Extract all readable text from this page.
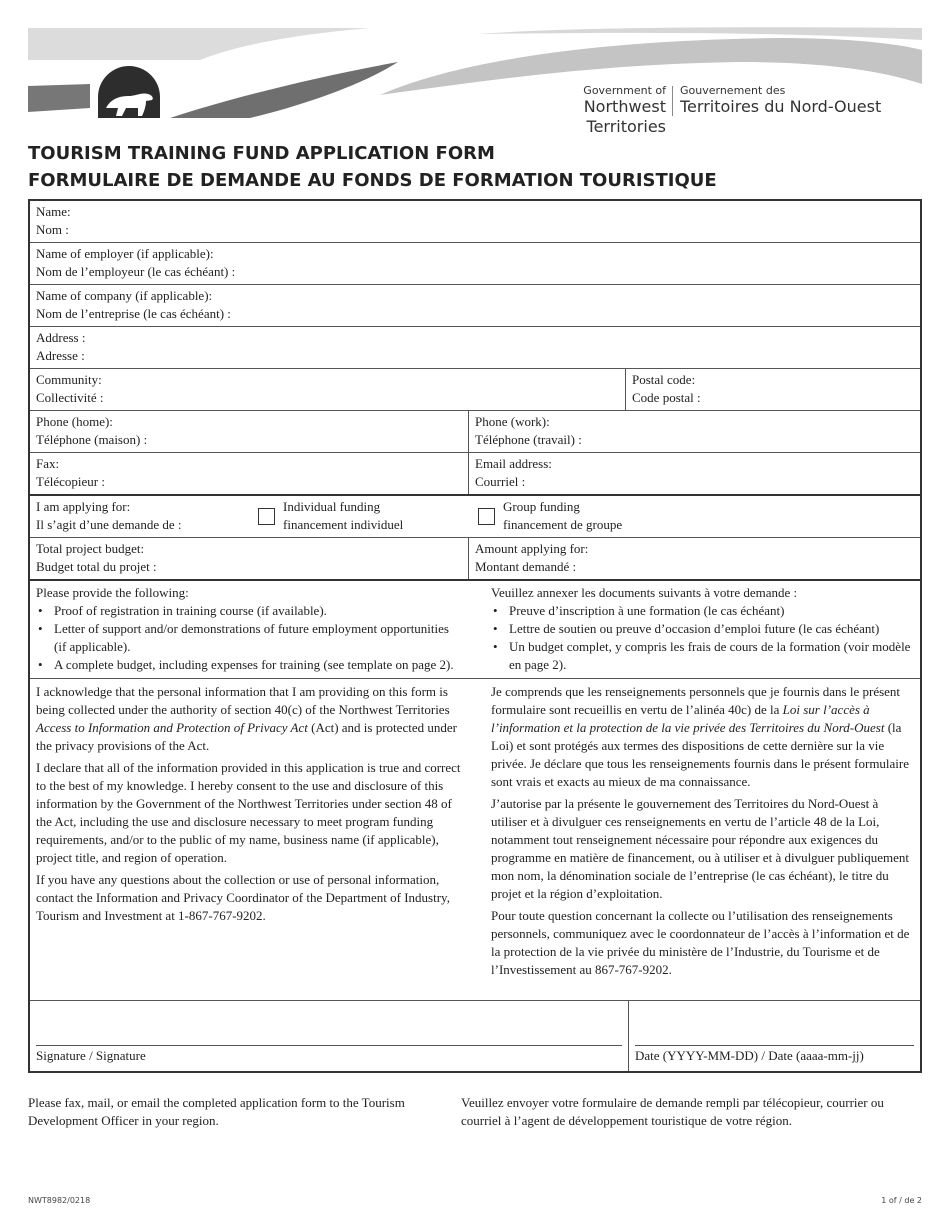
Government of
Northwest Territories
Gouvernement des
Territoires du Nord-Ouest
TOURISM TRAINING FUND APPLICATION FORM
FORMULAIRE DE DEMANDE AU FONDS DE FORMATION TOURISTIQUE
Name:
Nom :
Name of employer (if applicable):
Nom de l’employeur (le cas échéant) :
Name of company (if applicable):
Nom de l’entreprise (le cas échéant) :
Address :
Adresse :
Community:
Collectivité :
Postal code:
Code postal :
Phone (home):
Téléphone (maison) :
Phone (work):
Téléphone (travail) :
Fax:
Télécopieur :
Email address:
Courriel :
I am applying for:
Il s’agit d’une demande de :
Individual funding
financement individuel
Group funding
financement de groupe
Total project budget:
Budget total du projet :
Amount applying for:
Montant demandé :
Please provide the following:
• Proof of registration in training course (if available).
• Letter of support and/or demonstrations of future employment opportunities (if applicable).
• A complete budget, including expenses for training (see template on page 2).
Veuillez annexer les documents suivants à votre demande :
• Preuve d’inscription à une formation (le cas échéant)
• Lettre de soutien ou preuve d’occasion d’emploi future (le cas échéant)
• Un budget complet, y compris les frais de cours de la formation (voir modèle en page 2).

I acknowledge that the personal information that I am providing on this form is being collected under the authority of section 40(c) of the Northwest Territories Access to Information and Protection of Privacy Act (Act) and is protected under the privacy provisions of the Act.

I declare that all of the information provided in this application is true and correct to the best of my knowledge. I hereby consent to the use and disclosure of this information by the Government of the Northwest Territories under section 48 of the Act, including the use and disclosure necessary to meet program funding requirements, and/or to the public of my name, business name (if applicable), project title, and region of operation.

If you have any questions about the collection or use of personal information, contact the Information and Privacy Coordinator of the Department of Industry, Tourism and Investment at 1-867-767-9202.

Je comprends que les renseignements personnels que je fournis dans le présent formulaire sont recueillis en vertu de l’alinéa 40c) de la Loi sur l’accès à l’information et la protection de la vie privée des Territoires du Nord-Ouest (la Loi) et sont protégés aux termes des dispositions de cette dernière sur la vie privée. Je déclare que tous les renseignements fournis dans le présent formulaire sont vrais et exacts au mieux de ma connaissance.

J’autorise par la présente le gouvernement des Territoires du Nord-Ouest à utiliser et à divulguer ces renseignements en vertu de l’article 48 de la Loi, notamment tout renseignement nécessaire pour répondre aux exigences du programme en matière de financement, ou à utiliser et à divulguer publiquement mon nom, la dénomination sociale de l’entreprise (le cas échéant), le titre du projet et la région d’exploitation.

Pour toute question concernant la collecte ou l’utilisation des renseignements personnels, communiquez avec le coordonnateur de l’accès à l’information et de la protection de la vie privée du ministère de l’Industrie, du Tourisme et de l’Investissement au 867-767-9202.

Signature / Signature	Date (YYYY-MM-DD) / Date (aaaa-mm-jj)
Please fax, mail, or email the completed application form to the Tourism Development Officer in your region.
Veuillez envoyer votre formulaire de demande rempli par télécopieur, courrier ou courriel à l’agent de développement touristique de votre région.
NWT8982/0218	1 of / de 2
